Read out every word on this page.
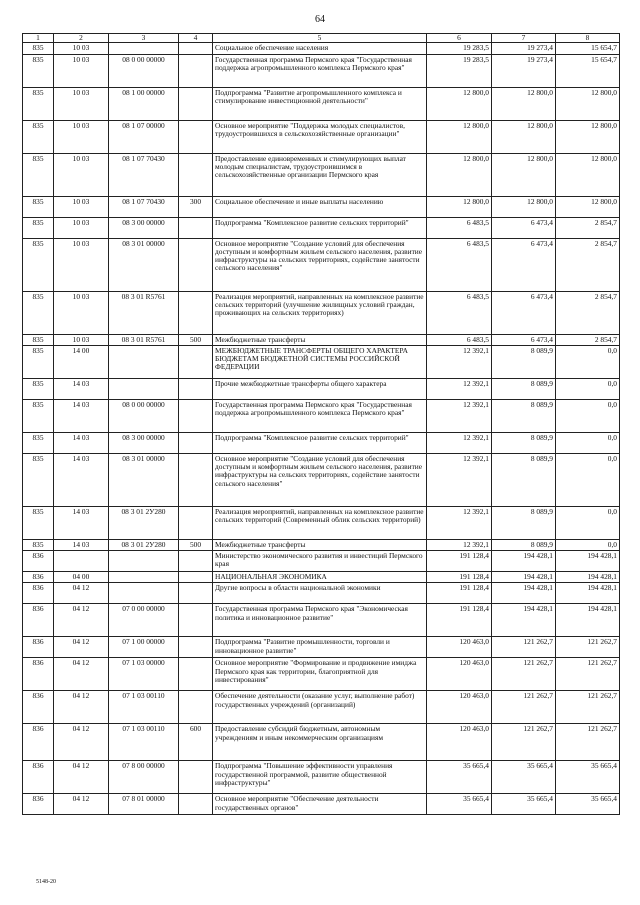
64
1	2	3	4	5	6	7	8
835	10 03			Социальное обеспечение населения	19 283,5	19 273,4	15 654,7
835	10 03	08 0 00 00000		Государственная программа Пермского края "Государственная поддержка агропромышленного комплекса Пермского края"	19 283,5	19 273,4	15 654,7
835	10 03	08 1 00 00000		Подпрограмма "Развитие агропромышленного комплекса и стимулирование инвестиционной деятельности"	12 800,0	12 800,0	12 800,0
835	10 03	08 1 07 00000		Основное мероприятие "Поддержка молодых специалистов, трудоустроившихся в сельскохозяйственные организации"	12 800,0	12 800,0	12 800,0
835	10 03	08 1 07 70430		Предоставление единовременных и стимулирующих выплат молодым специалистам, трудоустроившимся в сельскохозяйственные организации Пермского края	12 800,0	12 800,0	12 800,0
835	10 03	08 1 07 70430	300	Социальное обеспечение и иные выплаты населению	12 800,0	12 800,0	12 800,0
835	10 03	08 3 00 00000		Подпрограмма "Комплексное развитие сельских территорий"	6 483,5	6 473,4	2 854,7
835	10 03	08 3 01 00000		Основное мероприятие "Создание условий для обеспечения доступным и комфортным жильем сельского населения, развитие инфраструктуры на сельских территориях, содействие занятости сельского населения"	6 483,5	6 473,4	2 854,7
835	10 03	08 3 01 R5761		Реализация мероприятий, направленных на комплексное развитие сельских территорий (улучшение жилищных условий граждан, проживающих на сельских территориях)	6 483,5	6 473,4	2 854,7
835	10 03	08 3 01 R5761	500	Межбюджетные трансферты	6 483,5	6 473,4	2 854,7
835	14 00			МЕЖБЮДЖЕТНЫЕ ТРАНСФЕРТЫ ОБЩЕГО ХАРАКТЕРА БЮДЖЕТАМ БЮДЖЕТНОЙ СИСТЕМЫ РОССИЙСКОЙ ФЕДЕРАЦИИ	12 392,1	8 089,9	0,0
835	14 03			Прочие межбюджетные трансферты общего характера	12 392,1	8 089,9	0,0
835	14 03	08 0 00 00000		Государственная программа Пермского края "Государственная поддержка агропромышленного комплекса Пермского края"	12 392,1	8 089,9	0,0
835	14 03	08 3 00 00000		Подпрограмма "Комплексное развитие сельских территорий"	12 392,1	8 089,9	0,0
835	14 03	08 3 01 00000		Основное мероприятие "Создание условий для обеспечения доступным и комфортным жильем сельского населения, развитие инфраструктуры на сельских территориях, содействие занятости сельского населения"	12 392,1	8 089,9	0,0
835	14 03	08 3 01 2У280		Реализация мероприятий, направленных на комплексное развитие сельских территорий (Современный облик сельских территорий)	12 392,1	8 089,9	0,0
835	14 03	08 3 01 2У280	500	Межбюджетные трансферты	12 392,1	8 089,9	0,0
836				Министерство экономического развития и инвестиций Пермского края	191 128,4	194 428,1	194 428,1
836	04 00			НАЦИОНАЛЬНАЯ ЭКОНОМИКА	191 128,4	194 428,1	194 428,1
836	04 12			Другие вопросы в области национальной экономики	191 128,4	194 428,1	194 428,1
836	04 12	07 0 00 00000		Государственная программа Пермского края "Экономическая политика и инновационное развитие"	191 128,4	194 428,1	194 428,1
836	04 12	07 1 00 00000		Подпрограмма "Развитие промышленности, торговли и инновационное развитие"	120 463,0	121 262,7	121 262,7
836	04 12	07 1 03 00000		Основное мероприятие "Формирование и продвижение имиджа Пермского края как территории, благоприятной для инвестирования"	120 463,0	121 262,7	121 262,7
836	04 12	07 1 03 00110		Обеспечение деятельности (оказание услуг, выполнение работ) государственных учреждений (организаций)	120 463,0	121 262,7	121 262,7
836	04 12	07 1 03 00110	600	Предоставление субсидий бюджетным, автономным учреждениям и иным некоммерческим организациям	120 463,0	121 262,7	121 262,7
836	04 12	07 8 00 00000		Подпрограмма "Повышение эффективности управления государственной программой, развитие общественной инфраструктуры"	35 665,4	35 665,4	35 665,4
836	04 12	07 8 01 00000		Основное мероприятие "Обеспечение деятельности государственных органов"	35 665,4	35 665,4	35 665,4
5148-20
